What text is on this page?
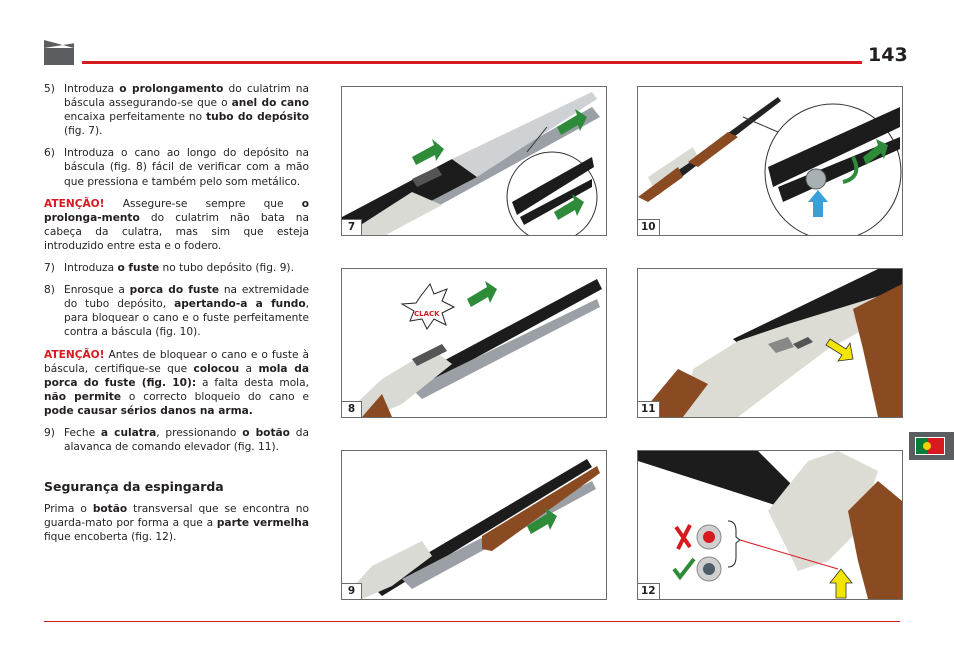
143
5) Introduza o prolongamento do culatrim na báscula assegurando-se que o anel do cano encaixa perfeitamente no tubo do depósito (fig. 7).
6) Introduza o cano ao longo do depósito na báscula (fig. 8) fácil de verificar com a mão que pressiona e também pelo som metálico.

ATENÇÃO! Assegure-se sempre que o prolonga-mento do culatrim não bata na cabeça da culatra, mas sim que esteja introduzido entre esta e o fodero.

7) Introduza o fuste no tubo depósito (fig. 9).
8) Enrosque a porca do fuste na extremidade do tubo depósito, apertando-a a fundo, para bloquear o cano e o fuste perfeitamente contra a báscula (fig. 10).

ATENÇÃO! Antes de bloquear o cano e o fuste à báscula, certifique-se que colocou a mola da porca do fuste (fig. 10): a falta desta mola, não permite o correcto bloqueio do cano e pode causar sérios danos na arma.

9) Feche a culatra, pressionando o botão da alavanca de comando elevador (fig. 11).
Segurança da espingarda

Prima o botão transversal que se encontra no guarda-mato por forma a que a parte vermelha fique encoberta (fig. 12).

7	10
CLACK
8	11
9	12
